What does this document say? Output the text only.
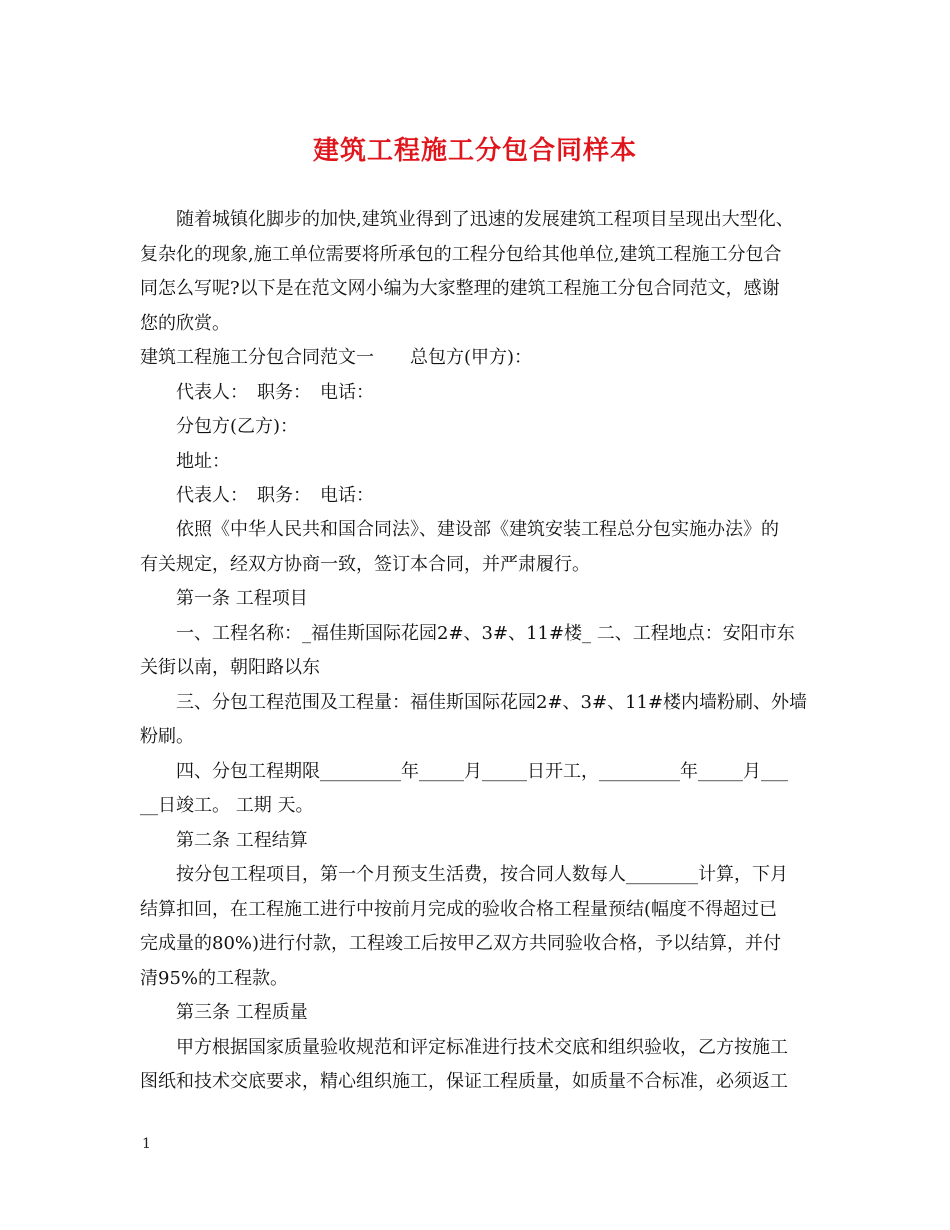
建筑工程施工分包合同样本
　　随着城镇化脚步的加快,建筑业得到了迅速的发展建筑工程项目呈现出大型化、
复杂化的现象,施工单位需要将所承包的工程分包给其他单位,建筑工程施工分包合
同怎么写呢?以下是在范文网小编为大家整理的建筑工程施工分包合同范文，感谢
您的欣赏。
建筑工程施工分包合同范文一　　总包方(甲方)：
　　代表人：　职务：　电话：
　　分包方(乙方)：
　　地址：
　　代表人：　职务：　电话：
　　依照《中华人民共和国合同法》、建设部《建筑安装工程总分包实施办法》的
有关规定，经双方协商一致，签订本合同，并严肃履行。
　　第一条 工程项目
　　一、工程名称：_福佳斯国际花园2#、3#、11#楼_ 二、工程地点：安阳市东
关街以南，朝阳路以东
　　三、分包工程范围及工程量：福佳斯国际花园2#、3#、11#楼内墙粉刷、外墙
粉刷。
　　四、分包工程期限_________年_____月_____日开工，_________年_____月___
__日竣工。 工期 天。
　　第二条 工程结算
　　按分包工程项目，第一个月预支生活费，按合同人数每人________计算，下月
结算扣回，在工程施工进行中按前月完成的验收合格工程量预结(幅度不得超过已
完成量的80%)进行付款，工程竣工后按甲乙双方共同验收合格，予以结算，并付
清95%的工程款。
　　第三条 工程质量
　　甲方根据国家质量验收规范和评定标准进行技术交底和组织验收，乙方按施工
图纸和技术交底要求，精心组织施工，保证工程质量，如质量不合标准，必须返工
1
